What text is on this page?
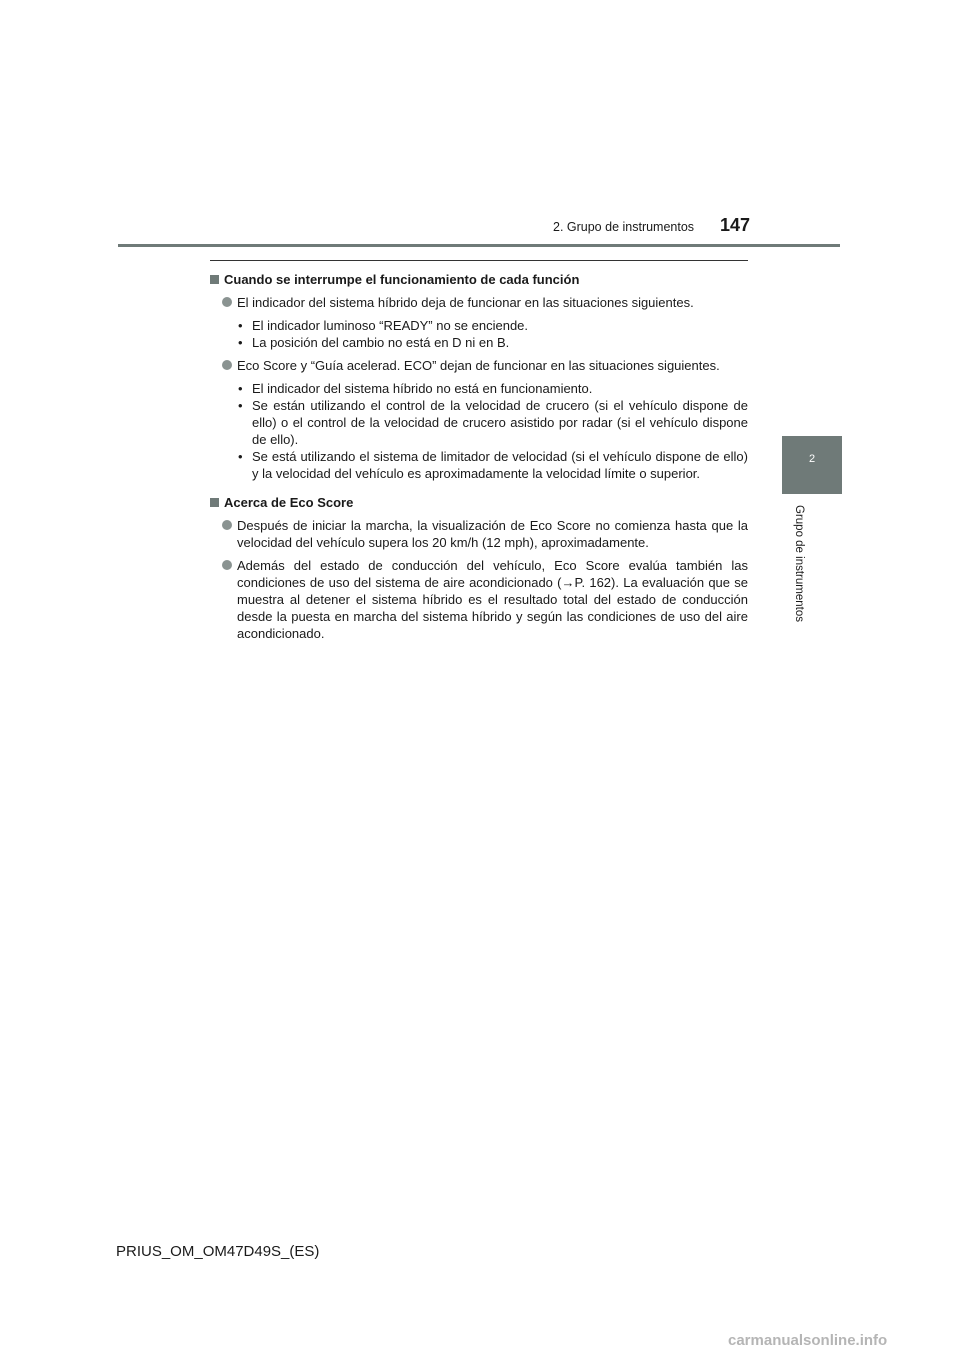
2. Grupo de instrumentos 147
2
Grupo de instrumentos
Cuando se interrumpe el funcionamiento de cada función
El indicador del sistema híbrido deja de funcionar en las situaciones siguientes.
• El indicador luminoso “READY” no se enciende.
• La posición del cambio no está en D ni en B.
Eco Score y “Guía acelerad. ECO” dejan de funcionar en las situaciones siguientes.
• El indicador del sistema híbrido no está en funcionamiento.
• Se están utilizando el control de la velocidad de crucero (si el vehículo dispone de ello) o el control de la velocidad de crucero asistido por radar (si el vehículo dispone de ello).
• Se está utilizando el sistema de limitador de velocidad (si el vehículo dispone de ello) y la velocidad del vehículo es aproximadamente la velocidad límite o superior.
Acerca de Eco Score
Después de iniciar la marcha, la visualización de Eco Score no comienza hasta que la velocidad del vehículo supera los 20 km/h (12 mph), aproximadamente.
Además del estado de conducción del vehículo, Eco Score evalúa también las condiciones de uso del sistema de aire acondicionado (→P. 162). La evaluación que se muestra al detener el sistema híbrido es el resultado total del estado de conducción desde la puesta en marcha del sistema híbrido y según las condiciones de uso del aire acondicionado.
PRIUS_OM_OM47D49S_(ES)
carmanualsonline.info
